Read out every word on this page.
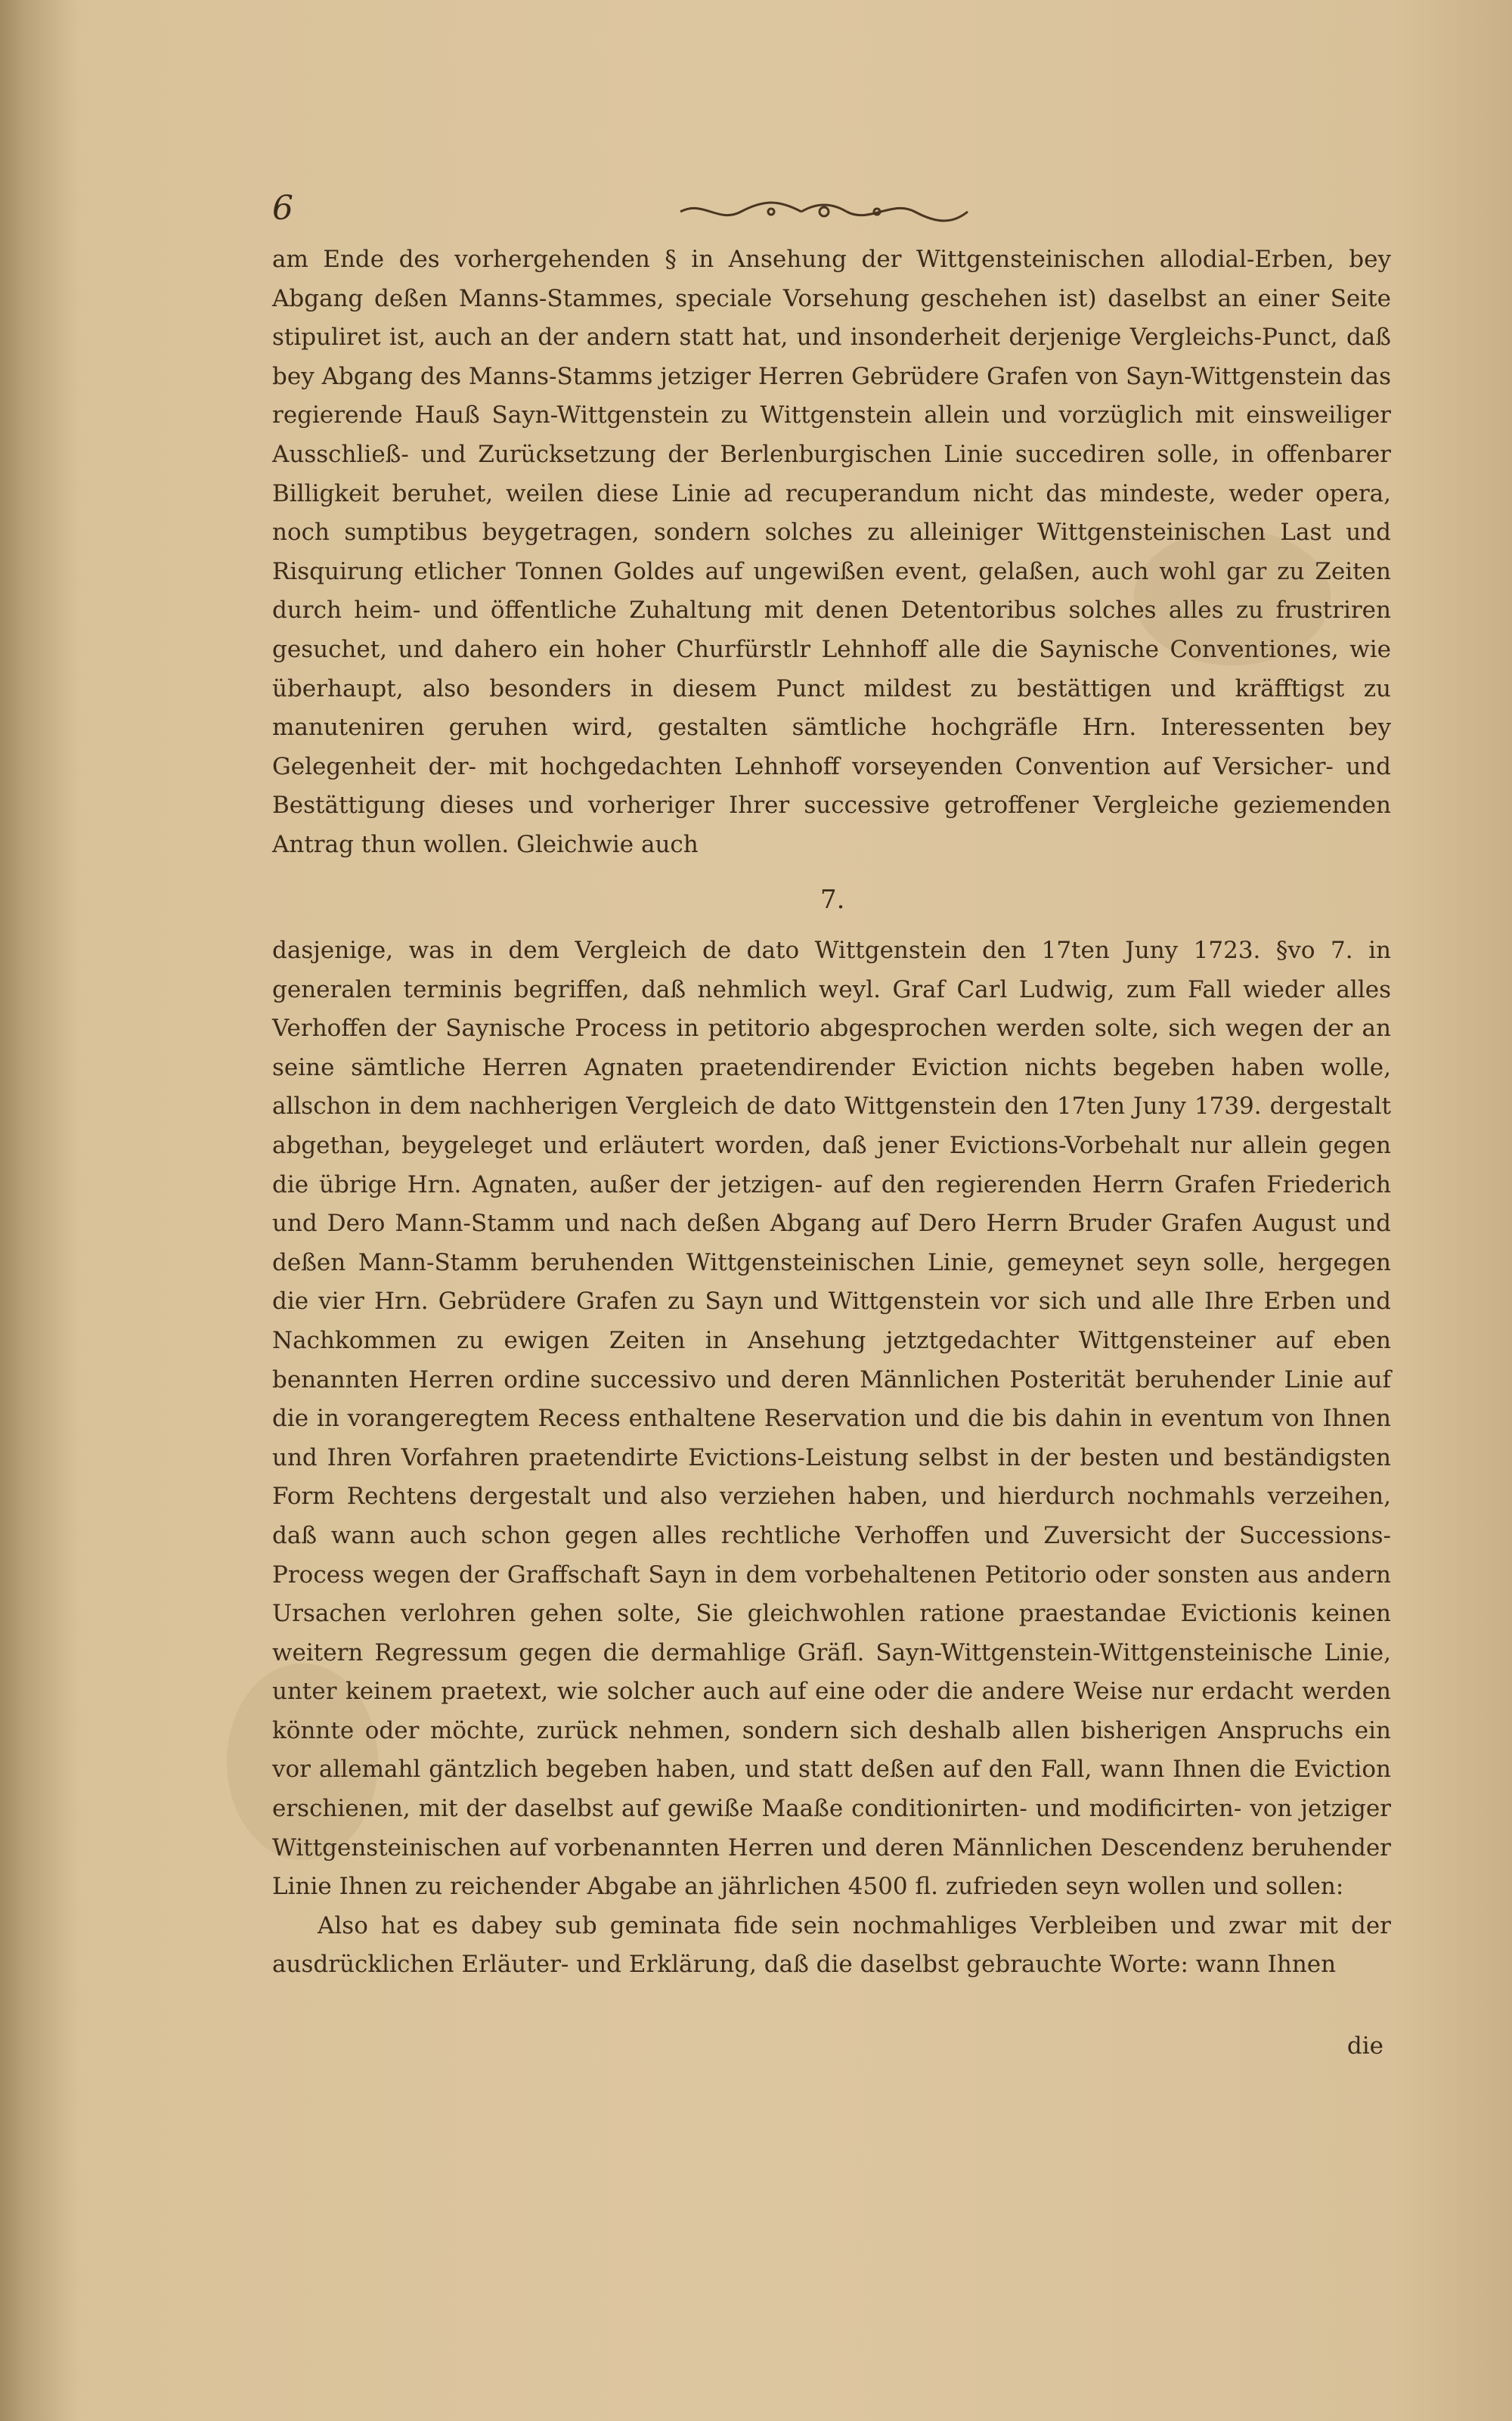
6

am Ende des vorhergehenden § in Ansehung der Wittgensteinischen allodial-Erben, bey Abgang deßen Manns-Stammes, speciale Vorsehung geschehen ist) daselbst an einer Seite stipuliret ist, auch an der andern statt hat, und insonderheit derjenige Vergleichs-Punct, daß bey Abgang des Manns-Stamms jetziger Herren Gebrüdere Grafen von Sayn-Wittgenstein das regierende Hauß Sayn-Wittgenstein zu Wittgenstein allein und vorzüglich mit einsweiliger Ausschließ- und Zurücksetzung der Berlenburgischen Linie succediren solle, in offenbarer Billigkeit beruhet, weilen diese Linie ad recuperandum nicht das mindeste, weder opera, noch sumptibus beygetragen, sondern solches zu alleiniger Wittgensteinischen Last und Risquirung etlicher Tonnen Goldes auf ungewißen event, gelaßen, auch wohl gar zu Zeiten durch heim- und öffentliche Zuhaltung mit denen Detentoribus solches alles zu frustriren gesuchet, und dahero ein hoher Churfürstlr Lehnhoff alle die Saynische Conventiones, wie überhaupt, also besonders in diesem Punct mildest zu bestättigen und kräfftigst zu manuteniren geruhen wird, gestalten sämtliche hochgräfle Hrn. Interessenten bey Gelegenheit der- mit hochgedachten Lehnhoff vorseyenden Convention auf Versicher- und Bestättigung dieses und vorheriger Ihrer successive getroffener Vergleiche geziemenden Antrag thun wollen. Gleichwie auch

7.

dasjenige, was in dem Vergleich de dato Wittgenstein den 17ten Juny 1723. §vo 7. in generalen terminis begriffen, daß nehmlich weyl. Graf Carl Ludwig, zum Fall wieder alles Verhoffen der Saynische Process in petitorio abgesprochen werden solte, sich wegen der an seine sämtliche Herren Agnaten praetendirender Eviction nichts begeben haben wolle, allschon in dem nachherigen Vergleich de dato Wittgenstein den 17ten Juny 1739. dergestalt abgethan, beygeleget und erläutert worden, daß jener Evictions-Vorbehalt nur allein gegen die übrige Hrn. Agnaten, außer der jetzigen- auf den regierenden Herrn Grafen Friederich und Dero Mann-Stamm und nach deßen Abgang auf Dero Herrn Bruder Grafen August und deßen Mann-Stamm beruhenden Wittgensteinischen Linie, gemeynet seyn solle, hergegen die vier Hrn. Gebrüdere Grafen zu Sayn und Wittgenstein vor sich und alle Ihre Erben und Nachkommen zu ewigen Zeiten in Ansehung jetztgedachter Wittgensteiner auf eben benannten Herren ordine successivo und deren Männlichen Posterität beruhender Linie auf die in vorangeregtem Recess enthaltene Reservation und die bis dahin in eventum von Ihnen und Ihren Vorfahren praetendirte Evictions-Leistung selbst in der besten und beständigsten Form Rechtens dergestalt und also verziehen haben, und hierdurch nochmahls verzeihen, daß wann auch schon gegen alles rechtliche Verhoffen und Zuversicht der Successions-Process wegen der Graffschaft Sayn in dem vorbehaltenen Petitorio oder sonsten aus andern Ursachen verlohren gehen solte, Sie gleichwohlen ratione praestandae Evictionis keinen weitern Regressum gegen die dermahlige Gräfl. Sayn-Wittgenstein-Wittgensteinische Linie, unter keinem praetext, wie solcher auch auf eine oder die andere Weise nur erdacht werden könnte oder möchte, zurück nehmen, sondern sich deshalb allen bisherigen Anspruchs ein vor allemahl gäntzlich begeben haben, und statt deßen auf den Fall, wann Ihnen die Eviction erschienen, mit der daselbst auf gewiße Maaße conditionirten- und modificirten- von jetziger Wittgensteinischen auf vorbenannten Herren und deren Männlichen Descendenz beruhender Linie Ihnen zu reichender Abgabe an jährlichen 4500 fl. zufrieden seyn wollen und sollen:

Also hat es dabey sub geminata fide sein nochmahliges Verbleiben und zwar mit der ausdrücklichen Erläuter- und Erklärung, daß die daselbst gebrauchte Worte: wann Ihnen

die
